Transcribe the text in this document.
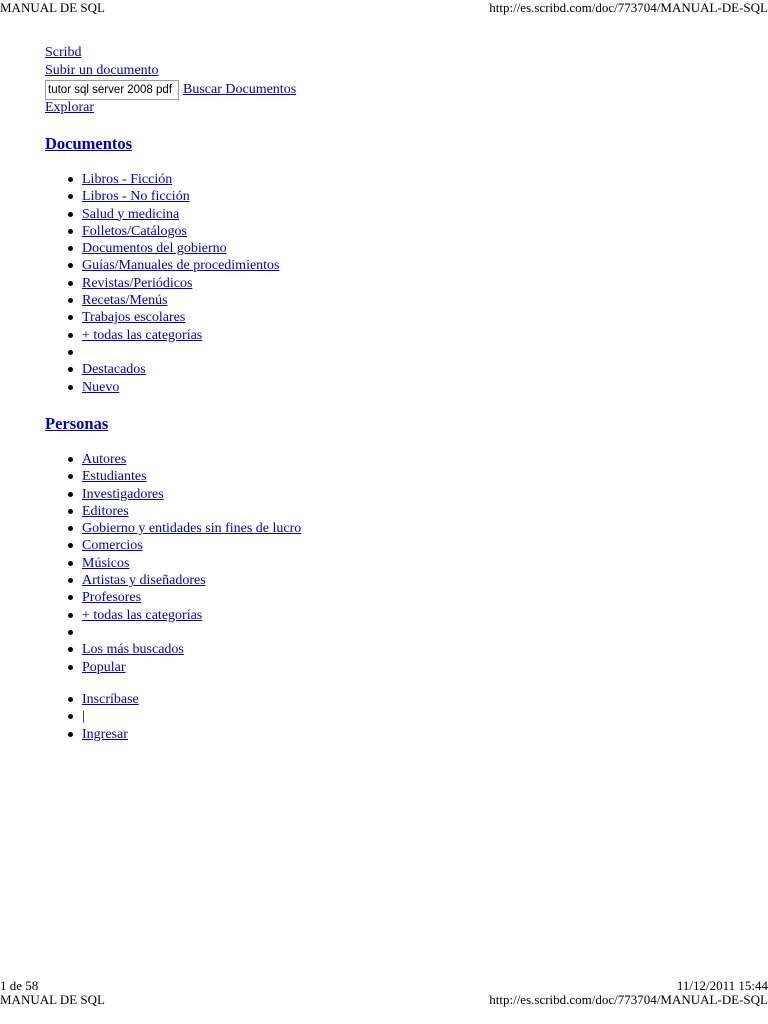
MANUAL DE SQL	http://es.scribd.com/doc/773704/MANUAL-DE-SQL
Scribd
Subir un documento
tutor sql server 2008 pdf
Buscar Documentos
Explorar
Documentos
Libros - Ficción
Libros - No ficción
Salud y medicina
Folletos/Catálogos
Documentos del gobierno
Guías/Manuales de procedimientos
Revistas/Periódicos
Recetas/Menús
Trabajos escolares
+ todas las categorías
Destacados
Nuevo
Personas
Autores
Estudiantes
Investigadores
Editores
Gobierno y entidades sin fines de lucro
Comercios
Músicos
Artistas y diseñadores
Profesores
+ todas las categorías
Los más buscados
Popular
Inscríbase
|
Ingresar
1 de 58	11/12/2011 15:44
MANUAL DE SQL	http://es.scribd.com/doc/773704/MANUAL-DE-SQL
